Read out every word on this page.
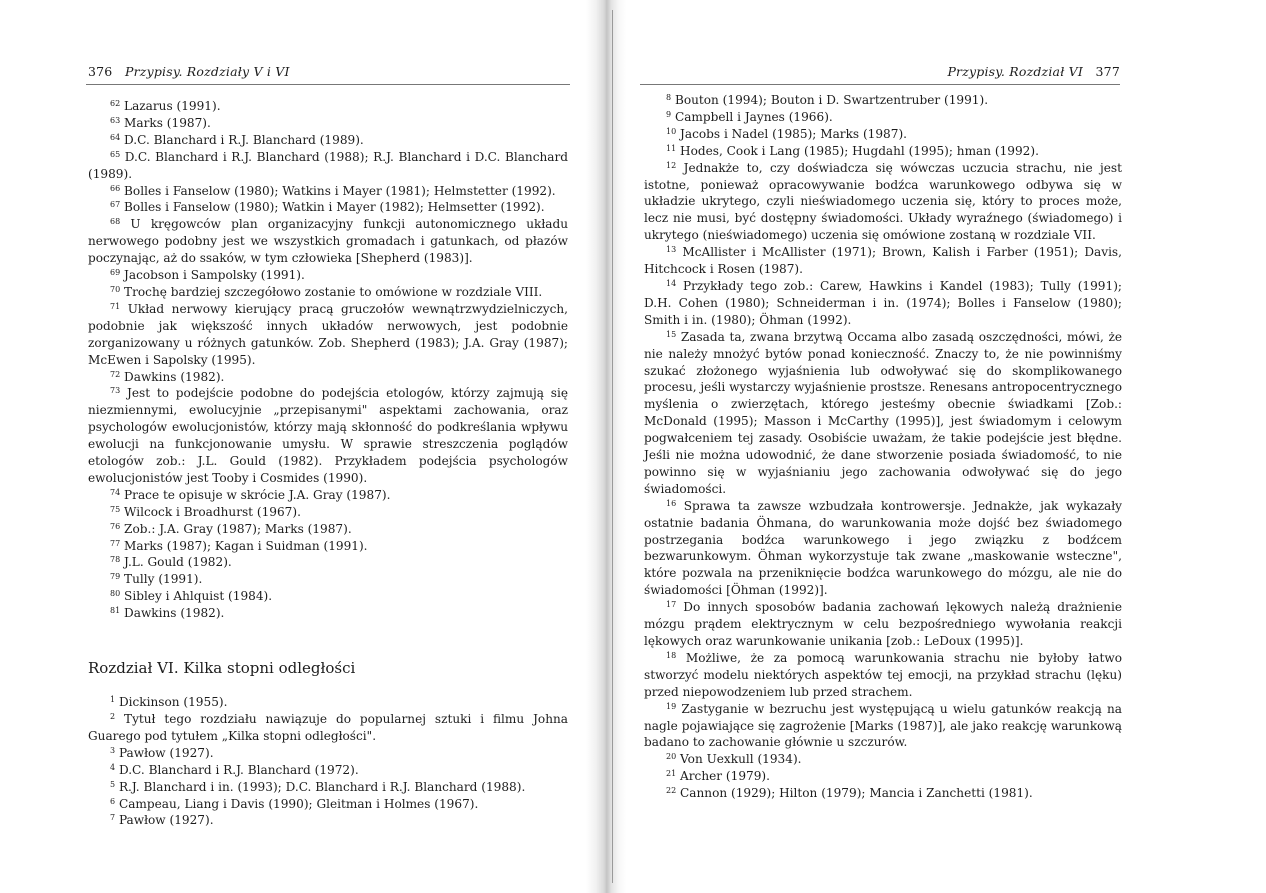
376 Przypisy. Rozdziały V i VI

$^{62}$ Lazarus (1991).

$^{63}$ Marks (1987).

$^{64}$ D.C. Blanchard i R.J. Blanchard (1989).

$^{65}$ D.C. Blanchard i R.J. Blanchard (1988); R.J. Blanchard i D.C. Blanchard (1989).

$^{66}$ Bolles i Fanselow (1980); Watkins i Mayer (1981); Helmstetter (1992).

$^{67}$ Bolles i Fanselow (1980); Watkin i Mayer (1982); Helmsetter (1992).

$^{68}$ U kręgowców plan organizacyjny funkcji autonomicznego układu nerwowego podobny jest we wszystkich gromadach i gatunkach, od płazów poczynając, aż do ssaków, w tym człowieka [Shepherd (1983)].

$^{69}$ Jacobson i Sampolsky (1991).

$^{70}$ Trochę bardziej szczegółowo zostanie to omówione w rozdziale VIII.

$^{71}$ Układ nerwowy kierujący pracą gruczołów wewnątrzwydzielniczych, podobnie jak większość innych układów nerwowych, jest podobnie zorganizowany u różnych gatunków. Zob. Shepherd (1983); J.A. Gray (1987); McEwen i Sapolsky (1995).

$^{72}$ Dawkins (1982).

$^{73}$ Jest to podejście podobne do podejścia etologów, którzy zajmują się niezmiennymi, ewolucyjnie „przepisanymi" aspektami zachowania, oraz psychologów ewolucjonistów, którzy mają skłonność do podkreślania wpływu ewolucji na funkcjonowanie umysłu. W sprawie streszczenia poglądów etologów zob.: J.L. Gould (1982). Przykładem podejścia psychologów ewolucjonistów jest Tooby i Cosmides (1990).

$^{74}$ Prace te opisuje w skrócie J.A. Gray (1987).

$^{75}$ Wilcock i Broadhurst (1967).

$^{76}$ Zob.: J.A. Gray (1987); Marks (1987).

$^{77}$ Marks (1987); Kagan i Suidman (1991).

$^{78}$ J.L. Gould (1982).

$^{79}$ Tully (1991).

$^{80}$ Sibley i Ahlquist (1984).

$^{81}$ Dawkins (1982).

Rozdział VI. Kilka stopni odległości

$^1$ Dickinson (1955).

$^2$ Tytuł tego rozdziału nawiązuje do popularnej sztuki i filmu Johna Guarego pod tytułem „Kilka stopni odległości".

$^3$ Pawłow (1927).

$^4$ D.C. Blanchard i R.J. Blanchard (1972).

$^5$ R.J. Blanchard i in. (1993); D.C. Blanchard i R.J. Blanchard (1988).

$^6$ Campeau, Liang i Davis (1990); Gleitman i Holmes (1967).

$^7$ Pawłow (1927).

Przypisy. Rozdział VI 377

$^8$ Bouton (1994); Bouton i D. Swartzentruber (1991).

$^9$ Campbell i Jaynes (1966).

$^{10}$ Jacobs i Nadel (1985); Marks (1987).

$^{11}$ Hodes, Cook i Lang (1985); Hugdahl (1995); hman (1992).

$^{12}$ Jednakże to, czy doświadcza się wówczas uczucia strachu, nie jest istotne, ponieważ opracowywanie bodźca warunkowego odbywa się w układzie ukrytego, czyli nieświadomego uczenia się, który to proces może, lecz nie musi, być dostępny świadomości. Układy wyraźnego (świadomego) i ukrytego (nieświadomego) uczenia się omówione zostaną w rozdziale VII.

$^{13}$ McAllister i McAllister (1971); Brown, Kalish i Farber (1951); Davis, Hitchcock i Rosen (1987).

$^{14}$ Przykłady tego zob.: Carew, Hawkins i Kandel (1983); Tully (1991); D.H. Cohen (1980); Schneiderman i in. (1974); Bolles i Fanselow (1980); Smith i in. (1980); Öhman (1992).

$^{15}$ Zasada ta, zwana brzytwą Occama albo zasadą oszczędności, mówi, że nie należy mnożyć bytów ponad konieczność. Znaczy to, że nie powinniśmy szukać złożonego wyjaśnienia lub odwoływać się do skomplikowanego procesu, jeśli wystarczy wyjaśnienie prostsze. Renesans antropocentrycznego myślenia o zwierzętach, którego jesteśmy obecnie świadkami [Zob.: McDonald (1995); Masson i McCarthy (1995)], jest świadomym i celowym pogwałceniem tej zasady. Osobiście uważam, że takie podejście jest błędne. Jeśli nie można udowodnić, że dane stworzenie posiada świadomość, to nie powinno się w wyjaśnianiu jego zachowania odwoływać się do jego świadomości.

$^{16}$ Sprawa ta zawsze wzbudzała kontrowersje. Jednakże, jak wykazały ostatnie badania Öhmana, do warunkowania może dojść bez świadomego postrzegania bodźca warunkowego i jego związku z bodźcem bezwarunkowym. Öhman wykorzystuje tak zwane „maskowanie wsteczne", które pozwala na przeniknięcie bodźca warunkowego do mózgu, ale nie do świadomości [Öhman (1992)].

$^{17}$ Do innych sposobów badania zachowań lękowych należą drażnienie mózgu prądem elektrycznym w celu bezpośredniego wywołania reakcji lękowych oraz warunkowanie unikania [zob.: LeDoux (1995)].

$^{18}$ Możliwe, że za pomocą warunkowania strachu nie byłoby łatwo stworzyć modelu niektórych aspektów tej emocji, na przykład strachu (lęku) przed niepowodzeniem lub przed strachem.

$^{19}$ Zastyganie w bezruchu jest występującą u wielu gatunków reakcją na nagle pojawiające się zagrożenie [Marks (1987)], ale jako reakcję warunkową badano to zachowanie głównie u szczurów.

$^{20}$ Von Uexkull (1934).

$^{21}$ Archer (1979).

$^{22}$ Cannon (1929); Hilton (1979); Mancia i Zanchetti (1981).
